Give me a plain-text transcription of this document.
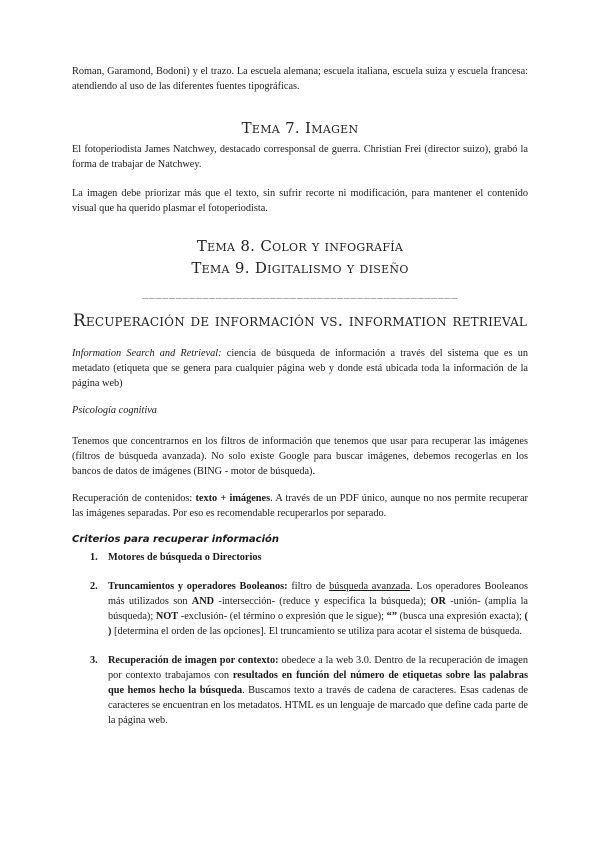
Roman, Garamond, Bodoni) y el trazo. La escuela alemana; escuela italiana, escuela suiza y escuela francesa: atendiendo al uso de las diferentes fuentes tipográficas.

Tema 7. Imagen

El fotoperiodista James Natchwey, destacado corresponsal de guerra. Christian Frei (director suizo), grabó la forma de trabajar de Natchwey.

La imagen debe priorizar más que el texto, sin sufrir recorte ni modificación, para mantener el contenido visual que ha querido plasmar el fotoperiodista.

Tema 8. Color y infografía
Tema 9. Digitalismo y diseño
_______________________________________________
Recuperación de información vs. information retrieval

Information Search and Retrieval: ciencia de búsqueda de información a través del sistema que es un metadato (etiqueta que se genera para cualquier página web y donde está ubicada toda la información de la página web)

Psicología cognitiva

Tenemos que concentrarnos en los filtros de información que tenemos que usar para recuperar las imágenes (filtros de búsqueda avanzada). No solo existe Google para buscar imágenes, debemos recogerlas en los bancos de datos de imágenes (BING - motor de búsqueda).

Recuperación de contenidos: texto + imágenes. A través de un PDF único, aunque no nos permite recuperar las imágenes separadas. Por eso es recomendable recuperarlos por separado.

Criterios para recuperar información
1. Motores de búsqueda o Directorios
2. Truncamientos y operadores Booleanos: filtro de búsqueda avanzada. Los operadores Booleanos más utilizados son AND -intersección- (reduce y especifica la búsqueda); OR -unión- (amplía la búsqueda); NOT -exclusión- (el término o expresión que le sigue); “” (busca una expresión exacta); ( ) [determina el orden de las opciones]. El truncamiento se utiliza para acotar el sistema de búsqueda.
3. Recuperación de imagen por contexto: obedece a la web 3.0. Dentro de la recuperación de imagen por contexto trabajamos con resultados en función del número de etiquetas sobre las palabras que hemos hecho la búsqueda. Buscamos texto a través de cadena de caracteres. Esas cadenas de caracteres se encuentran en los metadatos. HTML es un lenguaje de marcado que define cada parte de la página web.
